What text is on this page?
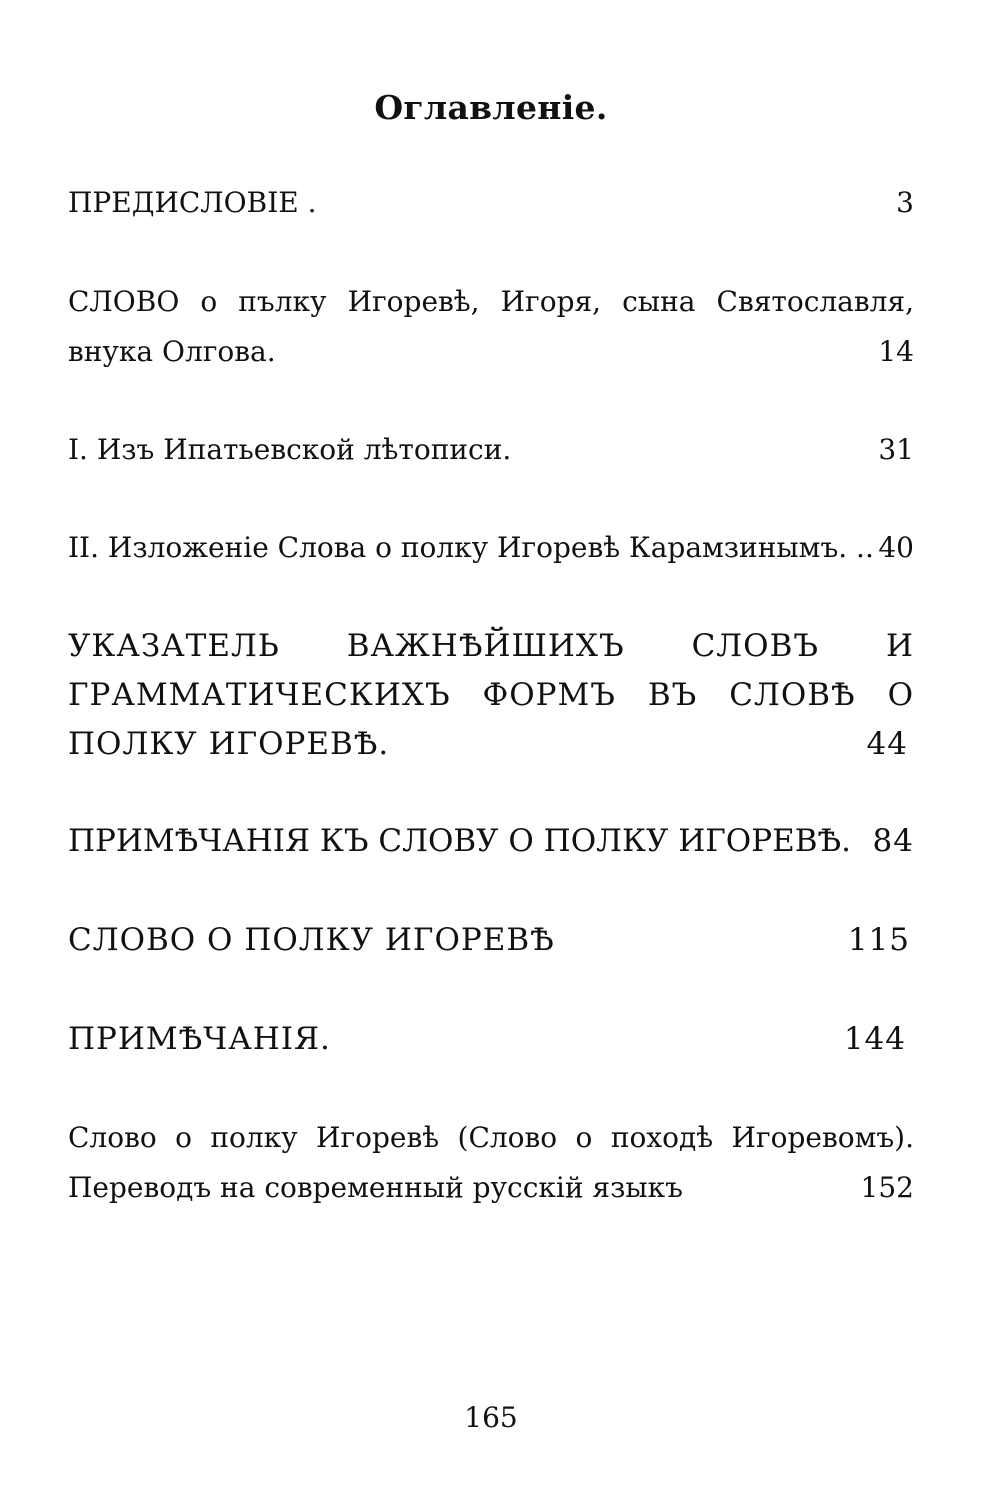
Оглавленіе.
ПРЕДИСЛОВІЕ .	3
СЛОВО о пълку Игоревѣ, Игоря, сына Святославля,
внука Олгова.	14
I. Изъ Ипатьевской лѣтописи.	31
II. Изложеніе Слова о полку Игоревѣ Карамзинымъ. .. 40
УКАЗАТЕЛЬ ВАЖНѢЙШИХЪ СЛОВЪ И
ГРАММАТИЧЕСКИХЪ ФОРМЪ ВЪ СЛОВѢ О
ПОЛКУ ИГОРЕВѢ.	44
ПРИМѢЧАНІЯ КЪ СЛОВУ О ПОЛКУ ИГОРЕВѢ. 84
СЛОВО О ПОЛКУ ИГОРЕВѢ	115
ПРИМѢЧАНІЯ.	144
Слово о полку Игоревѣ (Слово о походѣ Игоревомъ).
Переводъ на современный русскій языкъ	152
165
